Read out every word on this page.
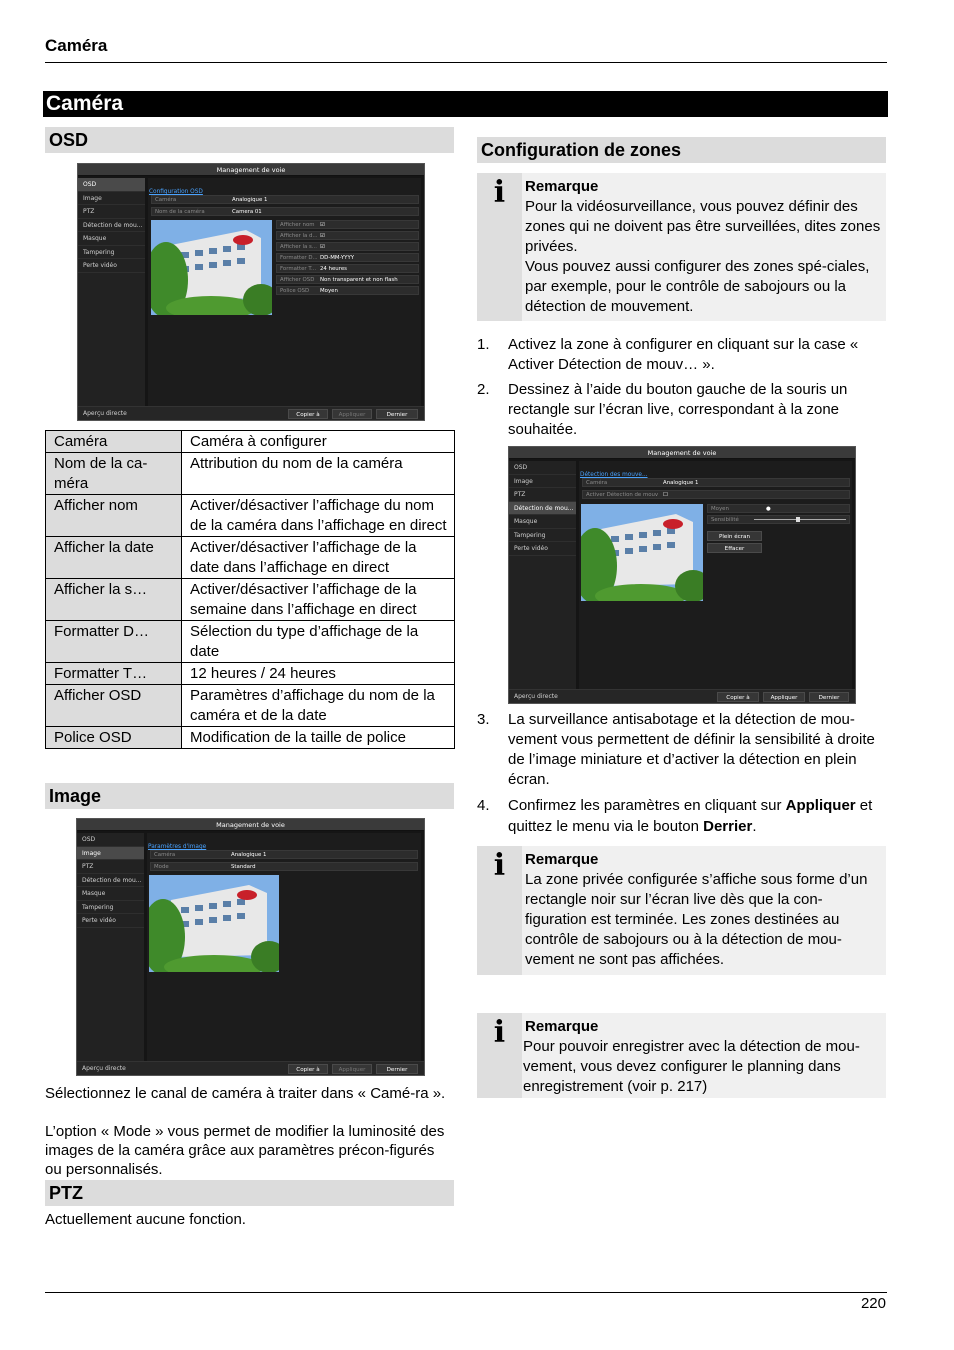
Caméra
Caméra
OSD
Management de voie
OSD
Image
PTZ
Détection de mou...
Masque
Tampering
Perte vidéo
Configuration OSD
Caméra	Analogique 1
Nom de la caméra	Camera 01
Afficher nom ☑
Afficher la d... ☑
Afficher la s... ☑
Formatter D... DD-MM-YYYY
Formatter T... 24 heures
Afficher OSD Non transparent et non flash
Police OSD Moyen
Aperçu directe	Copier à	Appliquer	Dernier
Caméra	Caméra à configurer
Nom de la ca-
méra	Attribution du nom de la caméra
Afficher nom	Activer/désactiver l’affichage du nom de la caméra dans l’affichage en direct
Afficher la date	Activer/désactiver l’affichage de la date dans l’affichage en direct
Afficher la s…	Activer/désactiver l’affichage de la semaine dans l’affichage en direct
Formatter D…	Sélection du type d’affichage de la date
Formatter T…	12 heures / 24 heures
Afficher OSD	Paramètres d’affichage du nom de la caméra et de la date
Police OSD	Modification de la taille de police
Image
Management de voie
OSD
Image
PTZ
Détection de mou...
Masque
Tampering
Perte vidéo
Paramètres d'image
Caméra	Analogique 1
Mode	Standard
Aperçu directe	Copier à	Appliquer	Dernier
Sélectionnez le canal de caméra à traiter dans « Camé-ra ».
L’option « Mode » vous permet de modifier la luminosité des images de la caméra grâce aux paramètres précon-figurés ou personnalisés.
PTZ
Actuellement aucune fonction.
Configuration de zones
i	Remarque
Pour la vidéosurveillance, vous pouvez définir des zones qui ne doivent pas être surveillées, dites zones privées.
Vous pouvez aussi configurer des zones spé-ciales, par exemple, pour le contrôle de sabojours ou la détection de mouvement.
1. Activez la zone à configurer en cliquant sur la case « Activer Détection de mouv… ».
2. Dessinez à l’aide du bouton gauche de la souris un rectangle sur l’écran live, correspondant à la zone souhaitée.
Management de voie
OSD
Image
PTZ
Détection de mou...
Masque
Tampering
Perte vidéo
Détection des mouve...
Caméra	Analogique 1
Activer Détection de mouv ☐
Moyen	●
Sensibilité
Plein écran
Effacer
Aperçu directe	Copier à	Appliquer	Dernier
3. La surveillance antisabotage et la détection de mou-vement vous permettent de définir la sensibilité à droite de l’image miniature et d’activer la détection en plein écran.
4. Confirmez les paramètres en cliquant sur Appliquer et quittez le menu via le bouton Derrier.
i	Remarque
La zone privée configurée s’affiche sous forme d’un rectangle noir sur l’écran live dès que la con-figuration est terminée. Les zones destinées au contrôle de sabojours ou à la détection de mou-vement ne sont pas affichées.
i	Remarque
Pour pouvoir enregistrer avec la détection de mou-vement, vous devez configurer le planning dans enregistrement (voir p. 217)
220
